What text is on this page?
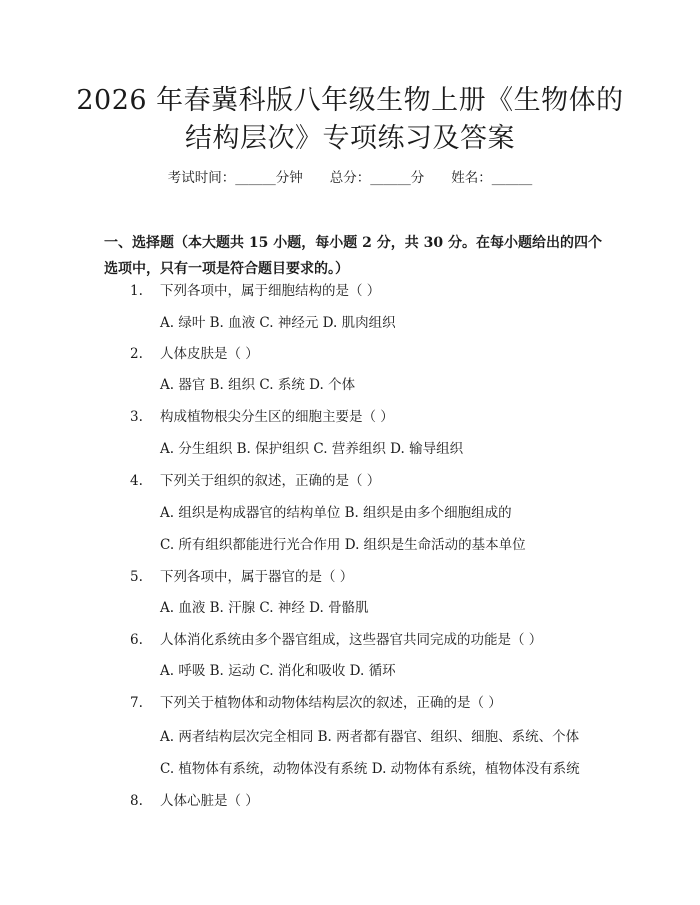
2026 年春冀科版八年级生物上册《生物体的
结构层次》专项练习及答案
考试时间：______分钟　　总分：______分　　姓名：______
一、选择题（本大题共 15 小题，每小题 2 分，共 30 分。在每小题给出的四个选项中，只有一项是符合题目要求的。）
1. 下列各项中，属于细胞结构的是（ ）
A. 绿叶 B. 血液 C. 神经元 D. 肌肉组织
2. 人体皮肤是（ ）
A. 器官 B. 组织 C. 系统 D. 个体
3. 构成植物根尖分生区的细胞主要是（ ）
A. 分生组织 B. 保护组织 C. 营养组织 D. 输导组织
4. 下列关于组织的叙述，正确的是（ ）
A. 组织是构成器官的结构单位 B. 组织是由多个细胞组成的
C. 所有组织都能进行光合作用 D. 组织是生命活动的基本单位
5. 下列各项中，属于器官的是（ ）
A. 血液 B. 汗腺 C. 神经 D. 骨骼肌
6. 人体消化系统由多个器官组成，这些器官共同完成的功能是（ ）
A. 呼吸 B. 运动 C. 消化和吸收 D. 循环
7. 下列关于植物体和动物体结构层次的叙述，正确的是（ ）
A. 两者结构层次完全相同 B. 两者都有器官、组织、细胞、系统、个体
C. 植物体有系统，动物体没有系统 D. 动物体有系统，植物体没有系统
8. 人体心脏是（ ）
